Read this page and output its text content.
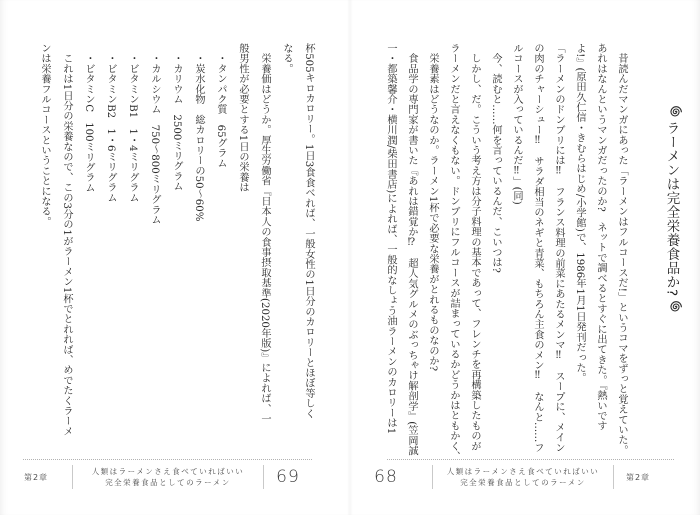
杯505キロカロリー。1日3食食べれば、一般女性の1日分のカロリーとほぼ等しく

なる。

　栄養価はどうか。厚生労働省『日本人の食事摂取基準(2020年版)』によれば、一

般男性が必要とする1日の栄養は

　・タンパク質　65グラム

　・炭水化物　総カロリーの50〜60%

　・カリウム　2500ミリグラム

　・カルシウム　750〜800ミリグラム

　・ビタミンB1　1・4ミリグラム

　・ビタミンB2　1・6ミリグラム

　・ビタミンC　100ミリグラム

　これは1日分の栄養なので、この3分の1がラーメン1杯でとれれば、めでたくラーメ

ンは栄養フルコースということになる。

第2章
人類はラーメンさえ食べていればいい
完全栄養食品としてのラーメン	69
ラーメンは完全栄養食品か?

　昔読んだマンガにあった「ラーメンはフルコースだ!」というコマをずっと覚えていた。

あれはなんというマンガだったのか?　ネットで調べるとすぐに出てきた。『熱いです

よ!』(原田久仁信・きむらはじめ/小学館)で、1986年1月1日発刊だった。

「ラーメンのドンブリには‼　フランス料理の前菜にあたるメンマ‼　スープに、メイン

の肉のチャーシュー‼　サラダ相当のネギと青菜、もちろん主食のメン‼　なんと……フ

ルコースが入っているんだ‼」(同)

　今、読むと……何を言っているんだ、こいつは?

　しかし、だ。こういう考え方は分子料理の基本であって、フレンチを再構築したものが

ラーメンだと言えなくもない。ドンブリにフルコースが詰まっているかどうかはともかく、

　栄養素はどうなのか。ラーメン1杯で必要な栄養がとれるものなのか?

　食品学の専門家が書いた『あれは錯覚か⁉　超人気グルメのぶっちゃけ解剖学』(笠岡誠

一・都築馨介・横川潤/柴田書店)によれば、一般的なしょう油ラーメンのカロリーは1

68	人類はラーメンさえ食べていればいい
完全栄養食品としてのラーメン
第2章
